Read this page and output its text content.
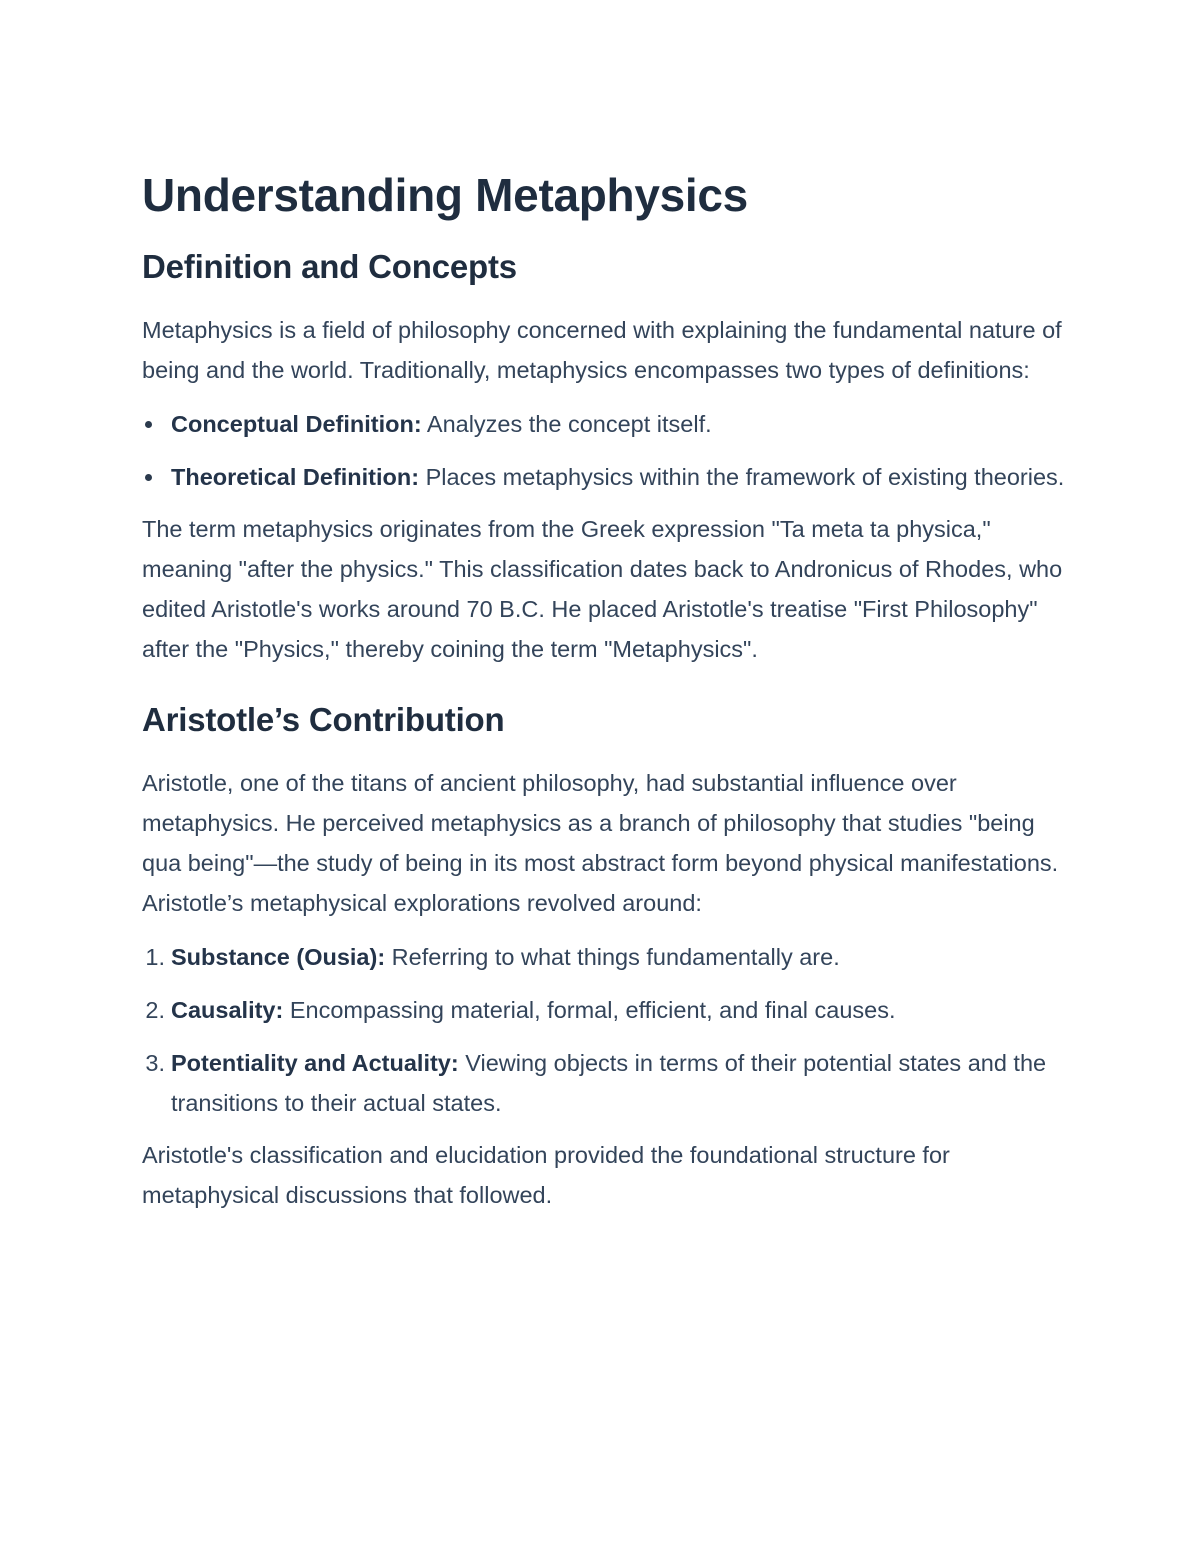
Understanding Metaphysics
Definition and Concepts

Metaphysics is a field of philosophy concerned with explaining the fundamental nature of being and the world. Traditionally, metaphysics encompasses two types of definitions:

Conceptual Definition: Analyzes the concept itself.
Theoretical Definition: Places metaphysics within the framework of existing theories.

The term metaphysics originates from the Greek expression "Ta meta ta physica," meaning "after the physics." This classification dates back to Andronicus of Rhodes, who edited Aristotle's works around 70 B.C. He placed Aristotle's treatise "First Philosophy" after the "Physics," thereby coining the term "Metaphysics".

Aristotle’s Contribution

Aristotle, one of the titans of ancient philosophy, had substantial influence over metaphysics. He perceived metaphysics as a branch of philosophy that studies "being qua being"—the study of being in its most abstract form beyond physical manifestations. Aristotle’s metaphysical explorations revolved around:

1. Substance (Ousia): Referring to what things fundamentally are.
2. Causality: Encompassing material, formal, efficient, and final causes.
3. Potentiality and Actuality: Viewing objects in terms of their potential states and the transitions to their actual states.

Aristotle's classification and elucidation provided the foundational structure for metaphysical discussions that followed.
